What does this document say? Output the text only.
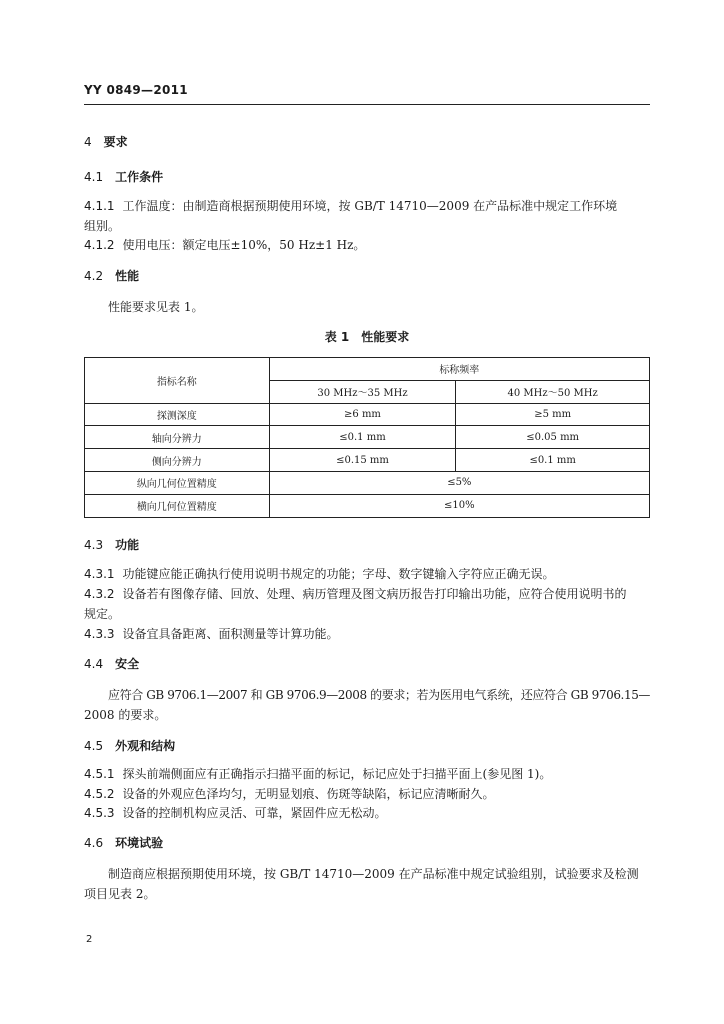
YY 0849—2011
4 要求
4.1 工作条件
4.1.1 工作温度：由制造商根据预期使用环境，按 GB/T 14710—2009 在产品标准中规定工作环境
组别。
4.1.2 使用电压：额定电压±10%，50 Hz±1 Hz。
4.2 性能
性能要求见表 1。
表 1　性能要求
指标名称	标称频率	
	30 MHz～35 MHz	40 MHz～50 MHz
探测深度	≥6 mm	≥5 mm
轴向分辨力	≤0.1 mm	≤0.05 mm
侧向分辨力	≤0.15 mm	≤0.1 mm
纵向几何位置精度	≤5%	
横向几何位置精度	≤10%	
4.3 功能
4.3.1 功能键应能正确执行使用说明书规定的功能；字母、数字键输入字符应正确无误。
4.3.2 设备若有图像存储、回放、处理、病历管理及图文病历报告打印输出功能，应符合使用说明书的
规定。
4.3.3 设备宜具备距离、面积测量等计算功能。
4.4 安全
应符合 GB 9706.1—2007 和 GB 9706.9—2008 的要求；若为医用电气系统，还应符合 GB 9706.15—
2008 的要求。
4.5 外观和结构
4.5.1 探头前端侧面应有正确指示扫描平面的标记，标记应处于扫描平面上(参见图 1)。
4.5.2 设备的外观应色泽均匀，无明显划痕、伤斑等缺陷，标记应清晰耐久。
4.5.3 设备的控制机构应灵活、可靠，紧固件应无松动。
4.6 环境试验
制造商应根据预期使用环境，按 GB/T 14710—2009 在产品标准中规定试验组别，试验要求及检测
项目见表 2。
2
